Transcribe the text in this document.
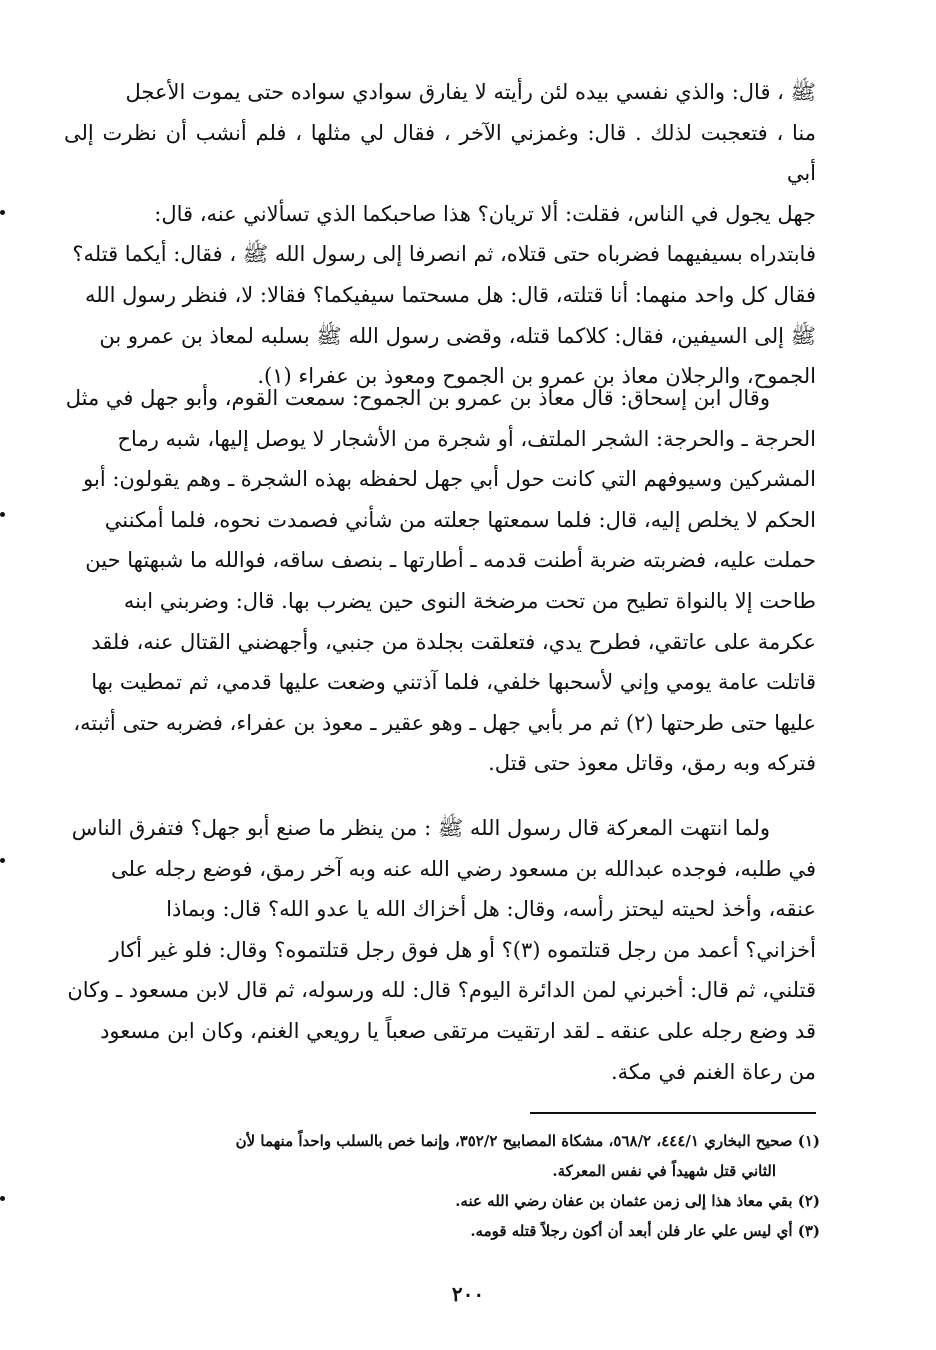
ﷺ ، قال: والذي نفسي بيده لئن رأيته لا يفارق سوادي سواده حتى يموت الأعجل

منا ، فتعجبت لذلك . قال: وغمزني الآخر ، فقال لي مثلها ، فلم أنشب أن نظرت إلى أبي

جهل يجول في الناس، فقلت: ألا تريان؟ هذا صاحبكما الذي تسألاني عنه، قال:

فابتدراه بسيفيهما فضرباه حتى قتلاه، ثم انصرفا إلى رسول الله ﷺ ، فقال: أيكما قتله؟

فقال كل واحد منهما: أنا قتلته، قال: هل مسحتما سيفيكما؟ فقالا: لا، فنظر رسول الله

ﷺ إلى السيفين، فقال: كلاكما قتله، وقضى رسول الله ﷺ بسلبه لمعاذ بن عمرو بن

الجموح، والرجلان معاذ بن عمرو بن الجموح ومعوذ بن عفراء (١).

وقال ابن إسحاق: قال معاذ بن عمرو بن الجموح: سمعت القوم، وأبو جهل في مثل

الحرجة ـ والحرجة: الشجر الملتف، أو شجرة من الأشجار لا يوصل إليها، شبه رماح

المشركين وسيوفهم التي كانت حول أبي جهل لحفظه بهذه الشجرة ـ وهم يقولون: أبو

الحكم لا يخلص إليه، قال: فلما سمعتها جعلته من شأني فصمدت نحوه، فلما أمكنني

حملت عليه، فضربته ضربة أطنت قدمه ـ أطارتها ـ بنصف ساقه، فوالله ما شبهتها حين

طاحت إلا بالنواة تطيح من تحت مرضخة النوى حين يضرب بها. قال: وضربني ابنه

عكرمة على عاتقي، فطرح يدي، فتعلقت بجلدة من جنبي، وأجهضني القتال عنه، فلقد

قاتلت عامة يومي وإني لأسحبها خلفي، فلما آذتني وضعت عليها قدمي، ثم تمطيت بها

عليها حتى طرحتها (٢) ثم مر بأبي جهل ـ وهو عقير ـ معوذ بن عفراء، فضربه حتى أثبته،

فتركه وبه رمق، وقاتل معوذ حتى قتل.

ولما انتهت المعركة قال رسول الله ﷺ : من ينظر ما صنع أبو جهل؟ فتفرق الناس

في طلبه، فوجده عبدالله بن مسعود رضي الله عنه وبه آخر رمق، فوضع رجله على

عنقه، وأخذ لحيته ليحتز رأسه، وقال: هل أخزاك الله يا عدو الله؟ قال: وبماذا

أخزاني؟ أعمد من رجل قتلتموه (٣)؟ أو هل فوق رجل قتلتموه؟ وقال: فلو غير أكار

قتلني، ثم قال: أخبرني لمن الدائرة اليوم؟ قال: لله ورسوله، ثم قال لابن مسعود ـ وكان

قد وضع رجله على عنقه ـ لقد ارتقيت مرتقى صعباً يا رويعي الغنم، وكان ابن مسعود

من رعاة الغنم في مكة.

(١) صحيح البخاري ٤٤٤/١، ٥٦٨/٢، مشكاة المصابيح ٣٥٢/٢، وإنما خص بالسلب واحداً منهما لأن

الثاني قتل شهيداً في نفس المعركة.

(٢) بقي معاذ هذا إلى زمن عثمان بن عفان رضي الله عنه.

(٣) أي ليس علي عار فلن أبعد أن أكون رجلاً قتله قومه.

٢٠٠
